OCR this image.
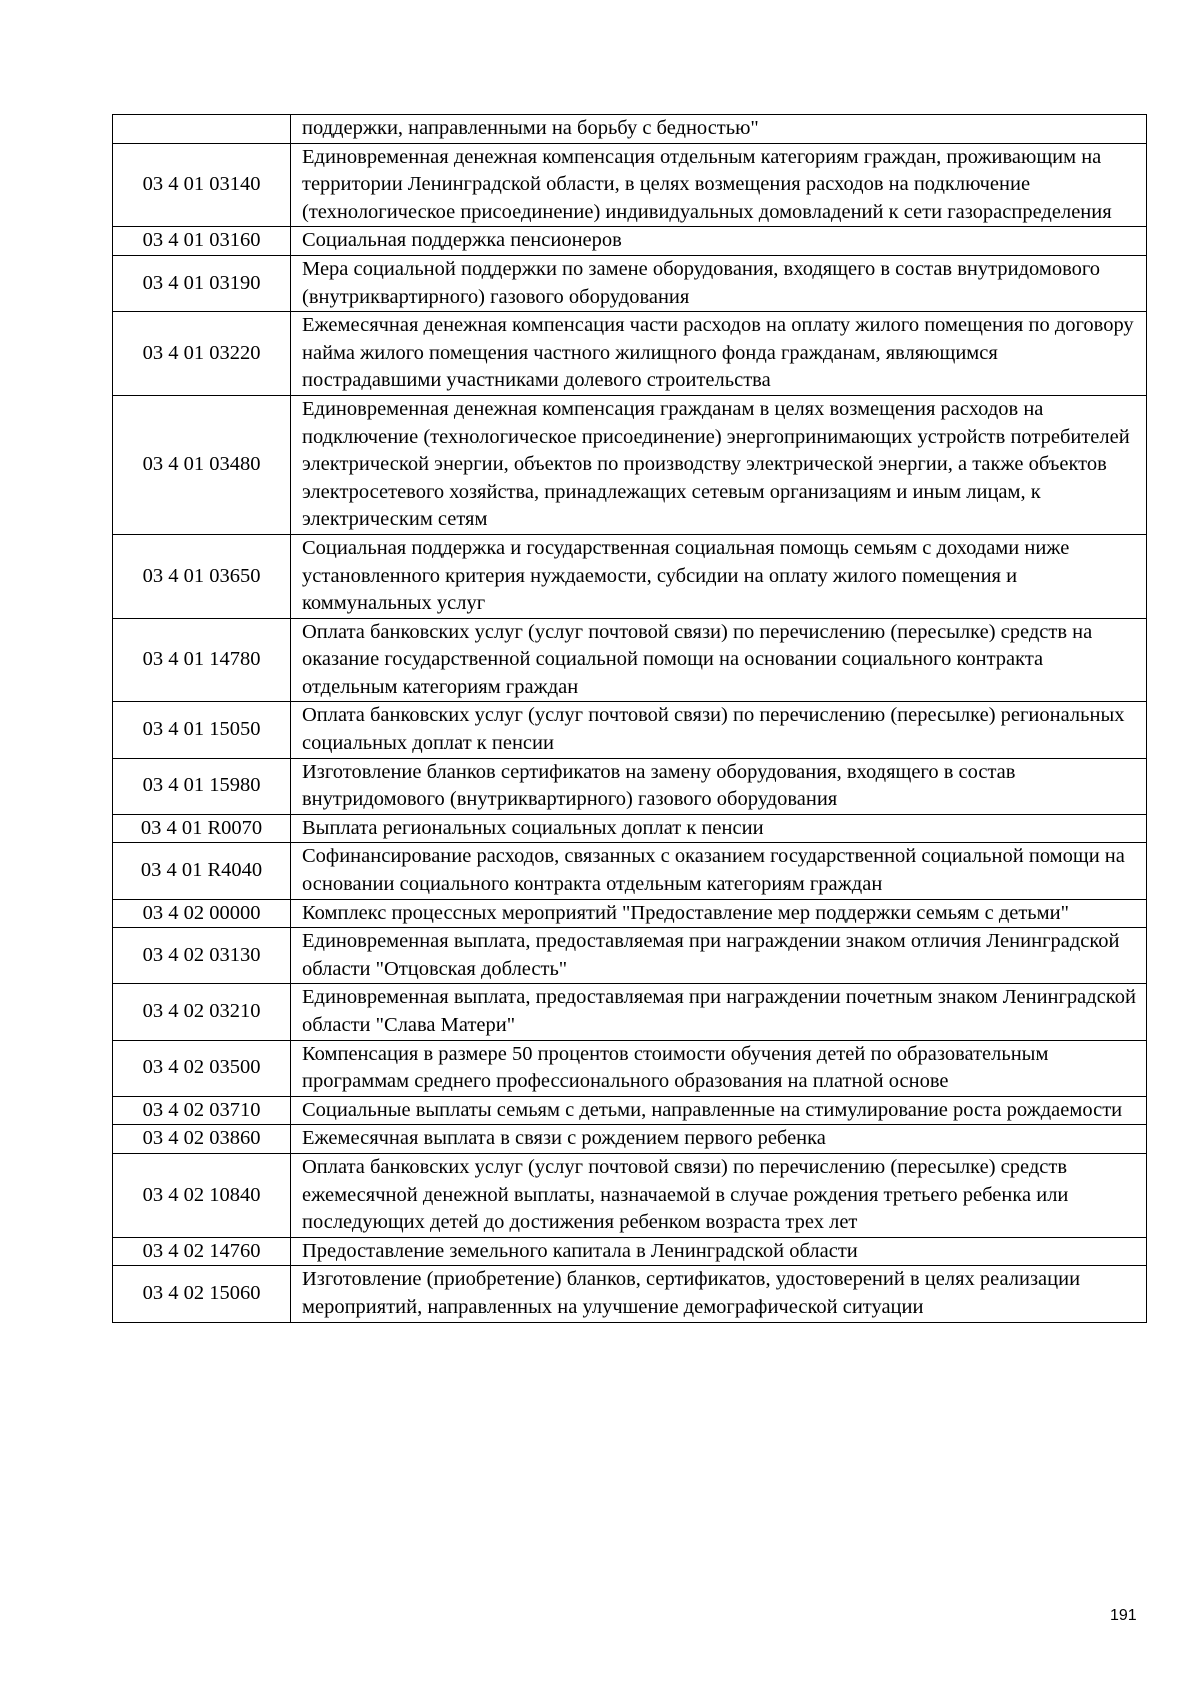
	поддержки, направленными на борьбу с бедностью"
03 4 01 03140	Единовременная денежная компенсация отдельным категориям граждан, проживающим на территории Ленинградской области, в целях возмещения расходов на подключение (технологическое присоединение) индивидуальных домовладений к сети газораспределения
03 4 01 03160	Социальная поддержка пенсионеров
03 4 01 03190	Мера социальной поддержки по замене оборудования, входящего в состав внутридомового (внутриквартирного) газового оборудования
03 4 01 03220	Ежемесячная денежная компенсация части расходов на оплату жилого помещения по договору найма жилого помещения частного жилищного фонда гражданам, являющимся пострадавшими участниками долевого строительства
03 4 01 03480	Единовременная денежная компенсация гражданам в целях возмещения расходов на подключение (технологическое присоединение) энергопринимающих устройств потребителей электрической энергии, объектов по производству электрической энергии, а также объектов электросетевого хозяйства, принадлежащих сетевым организациям и иным лицам, к электрическим сетям
03 4 01 03650	Социальная поддержка и государственная социальная помощь семьям с доходами ниже установленного критерия нуждаемости, субсидии на оплату жилого помещения и коммунальных услуг
03 4 01 14780	Оплата банковских услуг (услуг почтовой связи) по перечислению (пересылке) средств на оказание государственной социальной помощи на основании социального контракта отдельным категориям граждан
03 4 01 15050	Оплата банковских услуг (услуг почтовой связи) по перечислению (пересылке) региональных социальных доплат к пенсии
03 4 01 15980	Изготовление бланков сертификатов на замену оборудования, входящего в состав внутридомового (внутриквартирного) газового оборудования
03 4 01 R0070	Выплата региональных социальных доплат к пенсии
03 4 01 R4040	Софинансирование расходов, связанных с оказанием государственной социальной помощи на основании социального контракта отдельным категориям граждан
03 4 02 00000	Комплекс процессных мероприятий "Предоставление мер поддержки семьям с детьми"
03 4 02 03130	Единовременная выплата, предоставляемая при награждении знаком отличия Ленинградской области "Отцовская доблесть"
03 4 02 03210	Единовременная выплата, предоставляемая при награждении почетным знаком Ленинградской области "Слава Матери"
03 4 02 03500	Компенсация в размере 50 процентов стоимости обучения детей по образовательным программам среднего профессионального образования на платной основе
03 4 02 03710	Социальные выплаты семьям с детьми, направленные на стимулирование роста рождаемости
03 4 02 03860	Ежемесячная выплата в связи с рождением первого ребенка
03 4 02 10840	Оплата банковских услуг (услуг почтовой связи) по перечислению (пересылке) средств ежемесячной денежной выплаты, назначаемой в случае рождения третьего ребенка или последующих детей до достижения ребенком возраста трех лет
03 4 02 14760	Предоставление земельного капитала в Ленинградской области
03 4 02 15060	Изготовление (приобретение) бланков, сертификатов, удостоверений в целях реализации мероприятий, направленных на улучшение демографической ситуации
191
